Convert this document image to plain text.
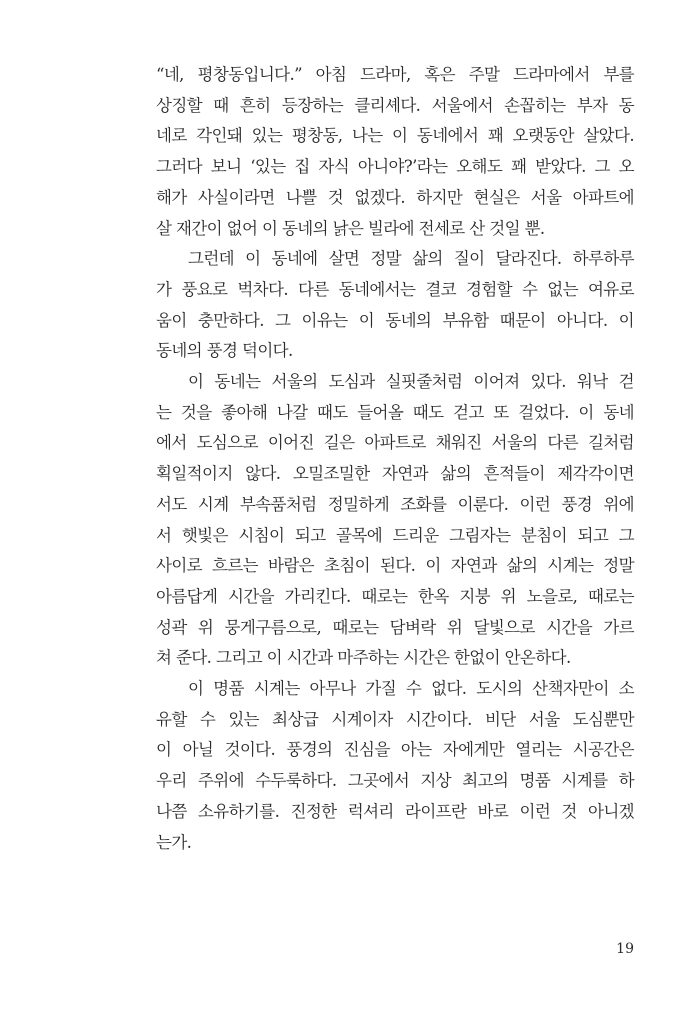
“네, 평창동입니다.” 아침 드라마, 혹은 주말 드라마에서 부를
상징할 때 흔히 등장하는 클리셰다. 서울에서 손꼽히는 부자 동
네로 각인돼 있는 평창동, 나는 이 동네에서 꽤 오랫동안 살았다.
그러다 보니 ‘있는 집 자식 아니야?’라는 오해도 꽤 받았다. 그 오
해가 사실이라면 나쁠 것 없겠다. 하지만 현실은 서울 아파트에
살 재간이 없어 이 동네의 낡은 빌라에 전세로 산 것일 뿐.

그런데 이 동네에 살면 정말 삶의 질이 달라진다. 하루하루
가 풍요로 벅차다. 다른 동네에서는 결코 경험할 수 없는 여유로
움이 충만하다. 그 이유는 이 동네의 부유함 때문이 아니다. 이
동네의 풍경 덕이다.

이 동네는 서울의 도심과 실핏줄처럼 이어져 있다. 워낙 걷
는 것을 좋아해 나갈 때도 들어올 때도 걷고 또 걸었다. 이 동네
에서 도심으로 이어진 길은 아파트로 채워진 서울의 다른 길처럼
획일적이지 않다. 오밀조밀한 자연과 삶의 흔적들이 제각각이면
서도 시계 부속품처럼 정밀하게 조화를 이룬다. 이런 풍경 위에
서 햇빛은 시침이 되고 골목에 드리운 그림자는 분침이 되고 그
사이로 흐르는 바람은 초침이 된다. 이 자연과 삶의 시계는 정말
아름답게 시간을 가리킨다. 때로는 한옥 지붕 위 노을로, 때로는
성곽 위 뭉게구름으로, 때로는 담벼락 위 달빛으로 시간을 가르
쳐 준다. 그리고 이 시간과 마주하는 시간은 한없이 안온하다.

이 명품 시계는 아무나 가질 수 없다. 도시의 산책자만이 소
유할 수 있는 최상급 시계이자 시간이다. 비단 서울 도심뿐만
이 아닐 것이다. 풍경의 진심을 아는 자에게만 열리는 시공간은
우리 주위에 수두룩하다. 그곳에서 지상 최고의 명품 시계를 하
나쯤 소유하기를. 진정한 럭셔리 라이프란 바로 이런 것 아니겠
는가.

19
